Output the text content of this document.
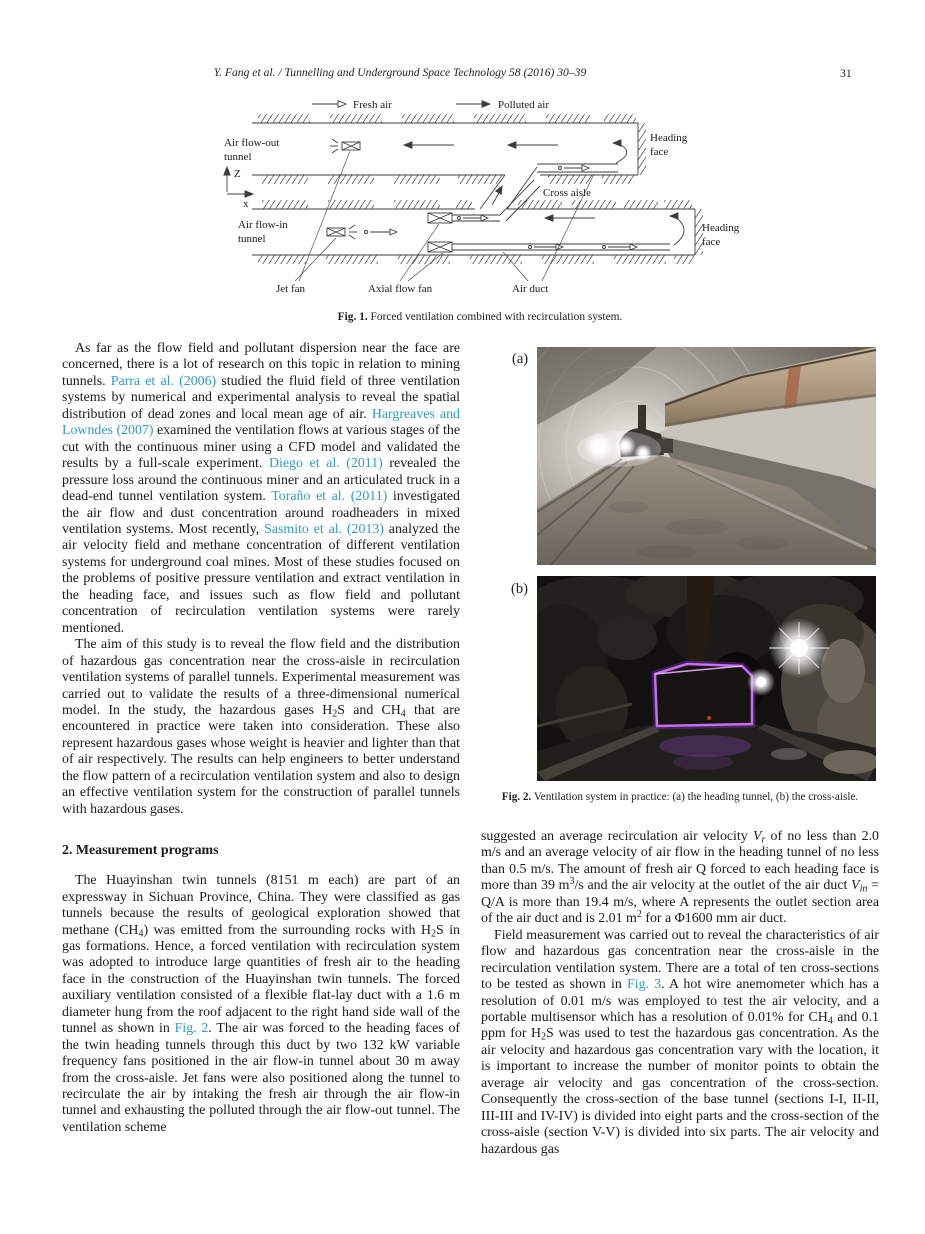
Y. Fang et al. / Tunnelling and Underground Space Technology 58 (2016) 30–39	31
Fresh air	Polluted air
Air flow-out
tunnel
Heading
face
Z
x
Air flow-in
tunnel
Cross aisle
Heading
face
Jet fan	Axial flow fan	Air duct
Fig. 1. Forced ventilation combined with recirculation system.

As far as the flow field and pollutant dispersion near the face are concerned, there is a lot of research on this topic in relation to mining tunnels. Parra et al. (2006) studied the fluid field of three ventilation systems by numerical and experimental analysis to reveal the spatial distribution of dead zones and local mean age of air. Hargreaves and Lowndes (2007) examined the ventilation flows at various stages of the cut with the continuous miner using a CFD model and validated the results by a full-scale experiment. Diego et al. (2011) revealed the pressure loss around the continuous miner and an articulated truck in a dead-end tunnel ventilation system. Toraño et al. (2011) investigated the air flow and dust concentration around roadheaders in mixed ventilation systems. Most recently, Sasmito et al. (2013) analyzed the air velocity field and methane concentration of different ventilation systems for underground coal mines. Most of these studies focused on the problems of positive pressure ventilation and extract ventilation in the heading face, and issues such as flow field and pollutant concentration of recirculation ventilation systems were rarely mentioned.

The aim of this study is to reveal the flow field and the distribution of hazardous gas concentration near the cross-aisle in recirculation ventilation systems of parallel tunnels. Experimental measurement was carried out to validate the results of a three-dimensional numerical model. In the study, the hazardous gases $H_2S$ and $CH_4$ that are encountered in practice were taken into consideration. These also represent hazardous gases whose weight is heavier and lighter than that of air respectively. The results can help engineers to better understand the flow pattern of a recirculation ventilation system and also to design an effective ventilation system for the construction of parallel tunnels with hazardous gases.

2. Measurement programs

The Huayinshan twin tunnels (8151 m each) are part of an expressway in Sichuan Province, China. They were classified as gas tunnels because the results of geological exploration showed that methane $(CH_4)$ was emitted from the surrounding rocks with $H_2S$ in gas formations. Hence, a forced ventilation with recirculation system was adopted to introduce large quantities of fresh air to the heading face in the construction of the Huayinshan twin tunnels. The forced auxiliary ventilation consisted of a flexible flat-lay duct with a 1.6 m diameter hung from the roof adjacent to the right hand side wall of the tunnel as shown in Fig. 2. The air was forced to the heading faces of the twin heading tunnels through this duct by two 132 kW variable frequency fans positioned in the air flow-in tunnel about 30 m away from the cross-aisle. Jet fans were also positioned along the tunnel to recirculate the air by intaking the fresh air through the air flow-in tunnel and exhausting the polluted through the air flow-out tunnel. The ventilation scheme

(a)
(b)
Fig. 2. Ventilation system in practice: (a) the heading tunnel, (b) the cross-aisle.

suggested an average recirculation air velocity $V_r$ of no less than 2.0 m/s and an average velocity of air flow in the heading tunnel of no less than 0.5 m/s. The amount of fresh air Q forced to each heading face is more than 39 $m^3/s$ and the air velocity at the outlet of the air duct $V_{in} = Q/A$ is more than 19.4 m/s, where A represents the outlet section area of the air duct and is 2.01 $m^2$ for a Φ1600 mm air duct.

Field measurement was carried out to reveal the characteristics of air flow and hazardous gas concentration near the cross-aisle in the recirculation ventilation system. There are a total of ten cross-sections to be tested as shown in Fig. 3. A hot wire anemometer which has a resolution of 0.01 m/s was employed to test the air velocity, and a portable multisensor which has a resolution of 0.01% for $CH_4$ and 0.1 ppm for $H_2S$ was used to test the hazardous gas concentration. As the air velocity and hazardous gas concentration vary with the location, it is important to increase the number of monitor points to obtain the average air velocity and gas concentration of the cross-section. Consequently the cross-section of the base tunnel (sections I-I, II-II, III-III and IV-IV) is divided into eight parts and the cross-section of the cross-aisle (section V-V) is divided into six parts. The air velocity and hazardous gas
